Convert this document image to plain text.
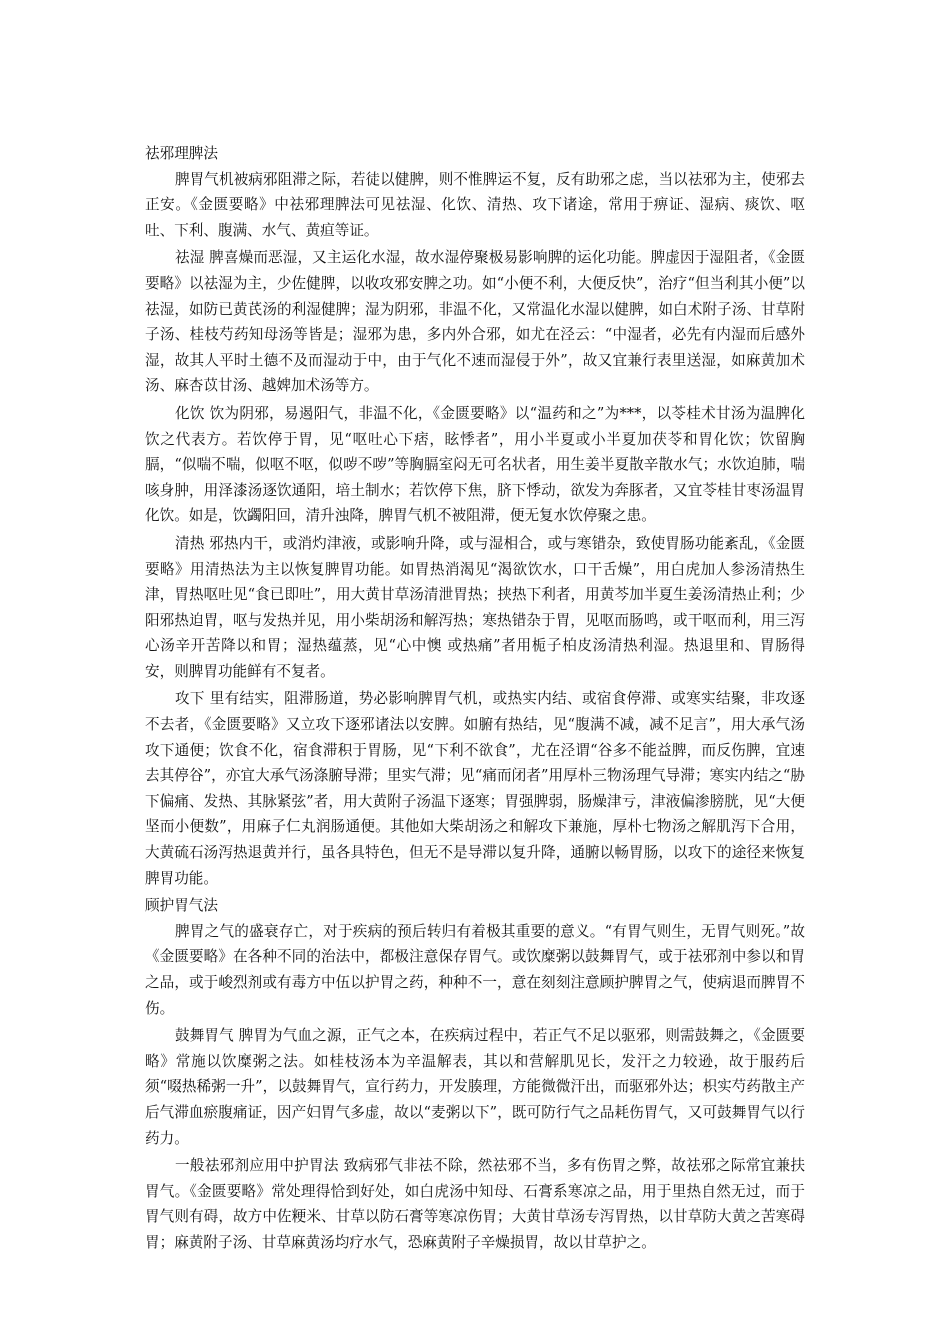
祛邪理脾法

脾胃气机被病邪阻滞之际，若徒以健脾，则不惟脾运不复，反有助邪之虑，当以祛邪为主，使邪去正安。《金匮要略》中祛邪理脾法可见祛湿、化饮、清热、攻下诸途，常用于痹证、湿病、痰饮、呕吐、下利、腹满、水气、黄疸等证。

祛湿 脾喜燥而恶湿，又主运化水湿，故水湿停聚极易影响脾的运化功能。脾虚因于湿阻者，《金匮要略》以祛湿为主，少佐健脾，以收攻邪安脾之功。如“小便不利，大便反快”，治疗“但当利其小便”以祛湿，如防已黄芪汤的利湿健脾；湿为阴邪，非温不化，又常温化水湿以健脾，如白术附子汤、甘草附子汤、桂枝芍药知母汤等皆是；湿邪为患，多内外合邪，如尤在泾云：“中湿者，必先有内湿而后感外湿，故其人平时土德不及而湿动于中，由于气化不速而湿侵于外”，故又宜兼行表里送湿，如麻黄加术汤、麻杏苡甘汤、越婢加术汤等方。

化饮 饮为阴邪，易遏阳气，非温不化，《金匮要略》以“温药和之”为***，以苓桂术甘汤为温脾化饮之代表方。若饮停于胃，见“呕吐心下痞，眩悸者”，用小半夏或小半夏加茯苓和胃化饮；饮留胸膈，“似喘不喘，似呕不呕，似哕不哕”等胸膈室闷无可名状者，用生姜半夏散辛散水气；水饮迫肺，喘咳身肿，用泽漆汤逐饮通阳，培土制水；若饮停下焦，脐下悸动，欲发为奔豚者，又宜苓桂甘枣汤温胃化饮。如是，饮蠲阳回，清升浊降，脾胃气机不被阻滞，便无复水饮停聚之患。

清热 邪热内干，或消灼津液，或影响升降，或与湿相合，或与寒错杂，致使胃肠功能紊乱，《金匮要略》用清热法为主以恢复脾胃功能。如胃热消渴见“渴欲饮水，口干舌燥”，用白虎加人参汤清热生津，胃热呕吐见“食已即吐”，用大黄甘草汤清泄胃热；挟热下利者，用黄芩加半夏生姜汤清热止利；少阳邪热迫胃，呕与发热并见，用小柴胡汤和解泻热；寒热错杂于胃，见呕而肠鸣，或干呕而利，用三泻心汤辛开苦降以和胃；湿热蕴蒸，见“心中懊 或热痛”者用栀子柏皮汤清热利湿。热退里和、胃肠得安，则脾胃功能鲜有不复者。

攻下 里有结实，阻滞肠道，势必影响脾胃气机，或热实内结、或宿食停滞、或寒实结聚，非攻逐不去者，《金匮要略》又立攻下逐邪诸法以安脾。如腑有热结，见“腹满不减，减不足言”，用大承气汤攻下通便；饮食不化，宿食滞积于胃肠，见“下利不欲食”，尤在泾谓“谷多不能益脾，而反伤脾，宜速去其停谷”，亦宜大承气汤涤腑导滞；里实气滞；见“痛而闭者”用厚朴三物汤理气导滞；寒实内结之“胁下偏痛、发热、其脉紧弦”者，用大黄附子汤温下逐寒；胃强脾弱，肠燥津亏，津液偏渗膀胱，见“大便坚而小便数”，用麻子仁丸润肠通便。其他如大柴胡汤之和解攻下兼施，厚朴七物汤之解肌泻下合用，大黄硫石汤泻热退黄并行，虽各具特色，但无不是导滞以复升降，通腑以畅胃肠，以攻下的途径来恢复脾胃功能。

顾护胃气法

脾胃之气的盛衰存亡，对于疾病的预后转归有着极其重要的意义。“有胃气则生，无胃气则死。”故《金匮要略》在各种不同的治法中，都极注意保存胃气。或饮糜粥以鼓舞胃气，或于祛邪剂中参以和胃之品，或于峻烈剂或有毒方中伍以护胃之药，种种不一，意在刻刻注意顾护脾胃之气，使病退而脾胃不伤。

鼓舞胃气 脾胃为气血之源，正气之本，在疾病过程中，若正气不足以驱邪，则需鼓舞之，《金匮要略》常施以饮糜粥之法。如桂枝汤本为辛温解表，其以和营解肌见长，发汗之力较逊，故于服药后须“啜热稀粥一升”，以鼓舞胃气，宣行药力，开发腠理，方能微微汗出，而驱邪外达；枳实芍药散主产后气滞血瘀腹痛证，因产妇胃气多虚，故以“麦粥以下”，既可防行气之品耗伤胃气，又可鼓舞胃气以行药力。

一般祛邪剂应用中护胃法 致病邪气非祛不除，然祛邪不当，多有伤胃之弊，故祛邪之际常宜兼扶胃气。《金匮要略》常处理得恰到好处，如白虎汤中知母、石膏系寒凉之品，用于里热自然无过，而于胃气则有碍，故方中佐粳米、甘草以防石膏等寒凉伤胃；大黄甘草汤专泻胃热，以甘草防大黄之苦寒碍胃；麻黄附子汤、甘草麻黄汤均疗水气，恐麻黄附子辛燥损胃，故以甘草护之。
